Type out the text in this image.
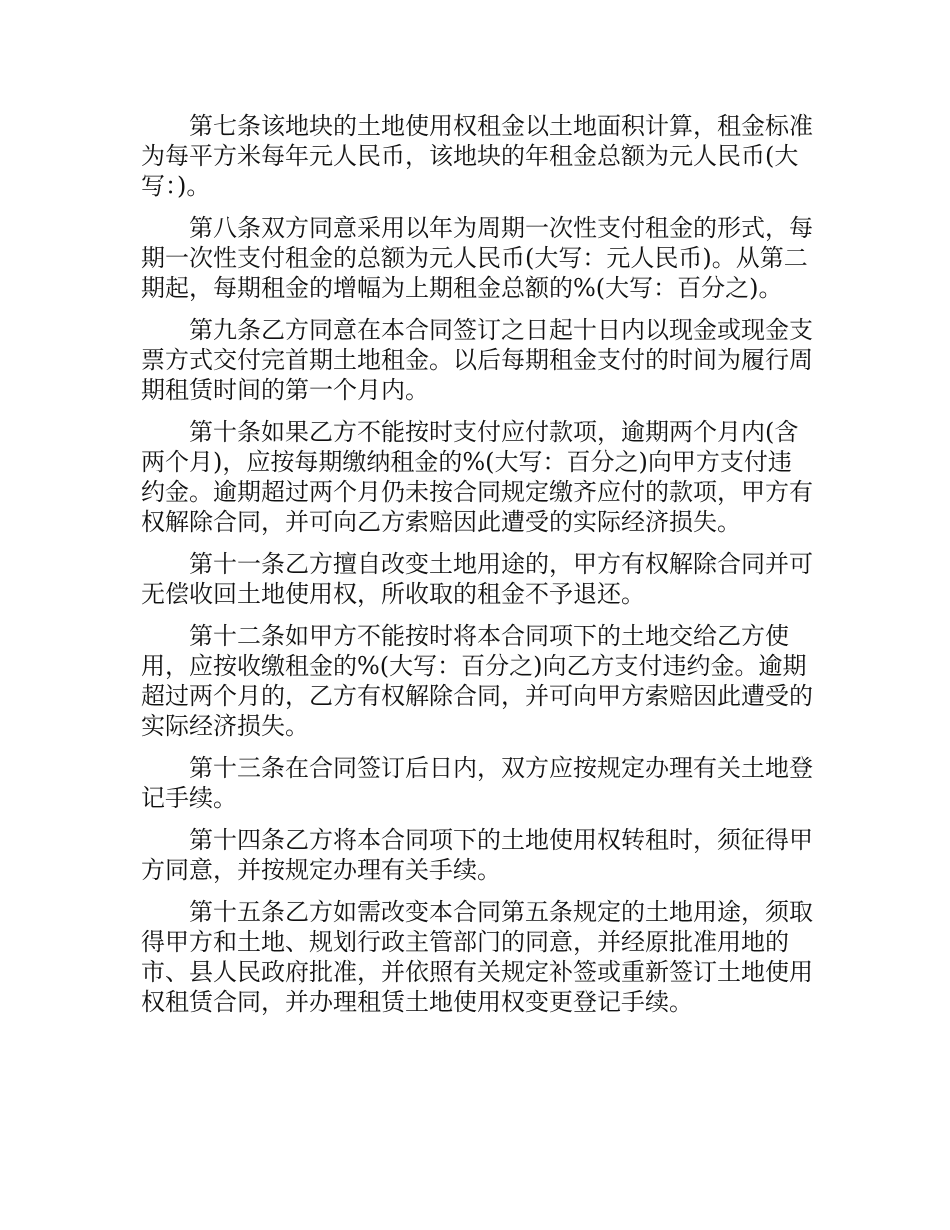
第七条该地块的土地使用权租金以土地面积计算，租金标准为每平方米每年元人民币，该地块的年租金总额为元人民币(大写：)。

第八条双方同意采用以年为周期一次性支付租金的形式，每期一次性支付租金的总额为元人民币(大写：元人民币)。从第二期起，每期租金的增幅为上期租金总额的%(大写：百分之)。

第九条乙方同意在本合同签订之日起十日内以现金或现金支票方式交付完首期土地租金。以后每期租金支付的时间为履行周期租赁时间的第一个月内。

第十条如果乙方不能按时支付应付款项，逾期两个月内(含两个月)，应按每期缴纳租金的%(大写：百分之)向甲方支付违约金。逾期超过两个月仍未按合同规定缴齐应付的款项，甲方有权解除合同，并可向乙方索赔因此遭受的实际经济损失。

第十一条乙方擅自改变土地用途的，甲方有权解除合同并可无偿收回土地使用权，所收取的租金不予退还。

第十二条如甲方不能按时将本合同项下的土地交给乙方使用，应按收缴租金的%(大写：百分之)向乙方支付违约金。逾期超过两个月的，乙方有权解除合同，并可向甲方索赔因此遭受的实际经济损失。

第十三条在合同签订后日内，双方应按规定办理有关土地登记手续。

第十四条乙方将本合同项下的土地使用权转租时，须征得甲方同意，并按规定办理有关手续。

第十五条乙方如需改变本合同第五条规定的土地用途，须取得甲方和土地、规划行政主管部门的同意，并经原批准用地的市、县人民政府批准，并依照有关规定补签或重新签订土地使用权租赁合同，并办理租赁土地使用权变更登记手续。
